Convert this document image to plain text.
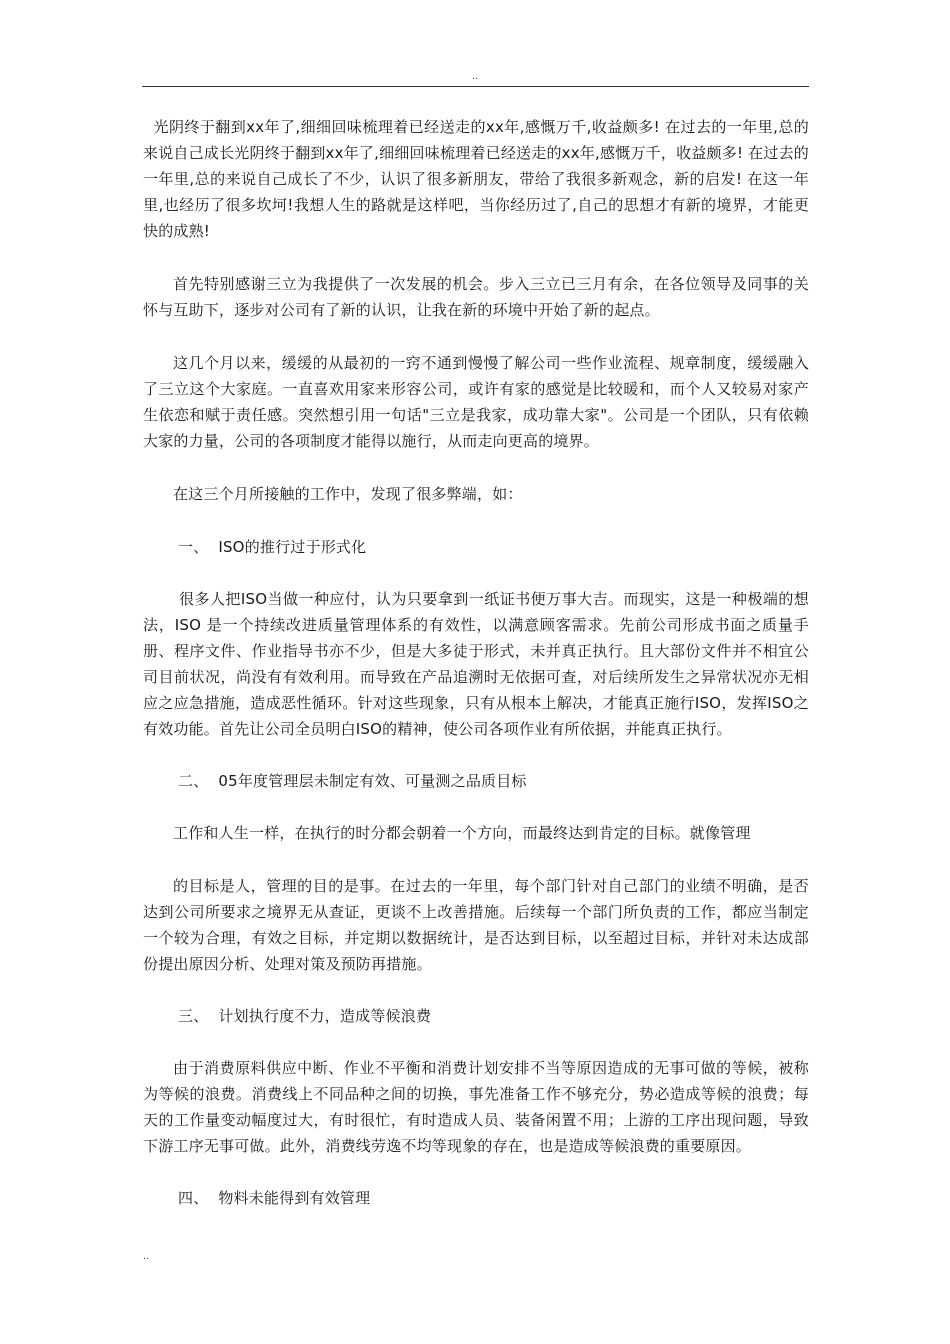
..

光阴终于翻到xx年了,细细回味梳理着已经送走的xx年,感慨万千,收益颇多! 在过去的一年里,总的来说自己成长光阴终于翻到xx年了,细细回味梳理着已经送走的xx年,感慨万千，收益颇多! 在过去的一年里,总的来说自己成长了不少，认识了很多新朋友，带给了我很多新观念，新的启发! 在这一年里,也经历了很多坎坷!我想人生的路就是这样吧，当你经历过了,自己的思想才有新的境界，才能更快的成熟!

首先特别感谢三立为我提供了一次发展的机会。步入三立已三月有余，在各位领导及同事的关怀与互助下，逐步对公司有了新的认识，让我在新的环境中开始了新的起点。

这几个月以来，缓缓的从最初的一窍不通到慢慢了解公司一些作业流程、规章制度，缓缓融入了三立这个大家庭。一直喜欢用家来形容公司，或许有家的感觉是比较暖和，而个人又较易对家产生依恋和赋于责任感。突然想引用一句话"三立是我家，成功靠大家"。公司是一个团队，只有依赖大家的力量，公司的各项制度才能得以施行，从而走向更高的境界。

在这三个月所接触的工作中，发现了很多弊端，如：

一、  ISO的推行过于形式化

很多人把ISO当做一种应付，认为只要拿到一纸证书便万事大吉。而现实，这是一种极端的想法，ISO 是一个持续改进质量管理体系的有效性，以满意顾客需求。先前公司形成书面之质量手册、程序文件、作业指导书亦不少，但是大多徒于形式，未并真正执行。且大部份文件并不相宜公司目前状况，尚没有有效利用。而导致在产品追溯时无依据可查，对后续所发生之异常状况亦无相应之应急措施，造成恶性循环。针对这些现象，只有从根本上解决，才能真正施行ISO，发挥ISO之有效功能。首先让公司全员明白ISO的精神，使公司各项作业有所依据，并能真正执行。

二、  05年度管理层未制定有效、可量测之品质目标

工作和人生一样，在执行的时分都会朝着一个方向，而最终达到肯定的目标。就像管理

的目标是人，管理的目的是事。在过去的一年里，每个部门针对自己部门的业绩不明确，是否达到公司所要求之境界无从查证，更谈不上改善措施。后续每一个部门所负责的工作，都应当制定一个较为合理，有效之目标，并定期以数据统计，是否达到目标，以至超过目标，并针对未达成部份提出原因分析、处理对策及预防再措施。

三、  计划执行度不力，造成等候浪费

由于消费原料供应中断、作业不平衡和消费计划安排不当等原因造成的无事可做的等候，被称为等候的浪费。消费线上不同品种之间的切换，事先准备工作不够充分，势必造成等候的浪费；每天的工作量变动幅度过大，有时很忙，有时造成人员、装备闲置不用；上游的工序出现问题，导致下游工序无事可做。此外，消费线劳逸不均等现象的存在，也是造成等候浪费的重要原因。

四、  物料未能得到有效管理

..
